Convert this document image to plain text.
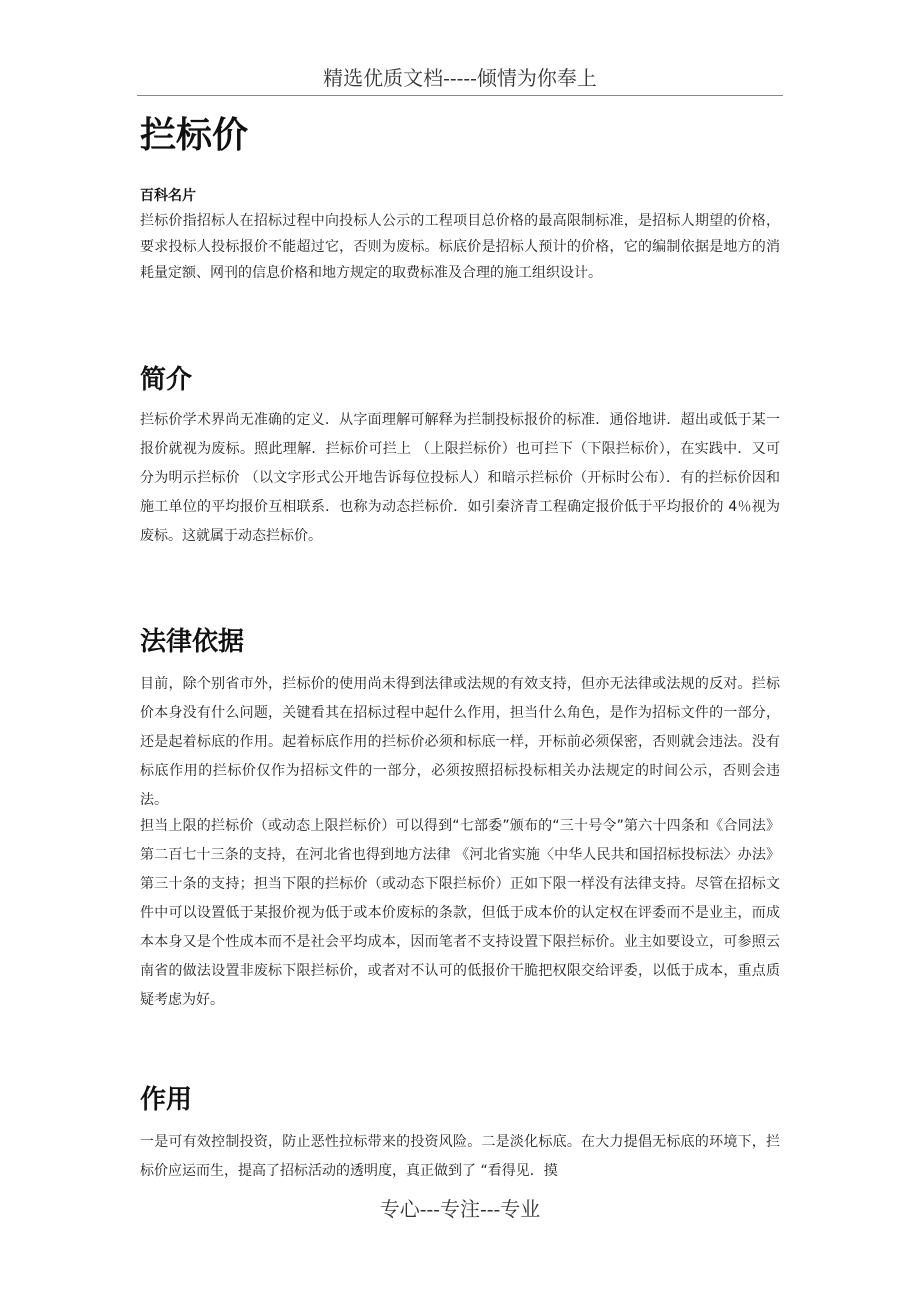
精选优质文档-----倾情为你奉上
拦标价
百科名片

拦标价指招标人在招标过程中向投标人公示的工程项目总价格的最高限制标准，是招标人期望的价格，要求投标人投标报价不能超过它，否则为废标。标底价是招标人预计的价格，它的编制依据是地方的消耗量定额、网刊的信息价格和地方规定的取费标准及合理的施工组织设计。

简介

拦标价学术界尚无准确的定义．从字面理解可解释为拦制投标报价的标准．通俗地讲．超出或低于某一报价就视为废标。照此理解．拦标价可拦上 （上限拦标价）也可拦下（下限拦标价），在实践中．又可分为明示拦标价 （以文字形式公开地告诉每位投标人）和暗示拦标价（开标时公布）．有的拦标价因和施工单位的平均报价互相联系．也称为动态拦标价．如引秦济青工程确定报价低于平均报价的 4％视为废标。这就属于动态拦标价。

法律依据

目前，除个别省市外，拦标价的使用尚未得到法律或法规的有效支持，但亦无法律或法规的反对。拦标价本身没有什么问题，关键看其在招标过程中起什么作用，担当什么角色，是作为招标文件的一部分，还是起着标底的作用。起着标底作用的拦标价必须和标底一样，开标前必须保密，否则就会违法。没有标底作用的拦标价仅作为招标文件的一部分，必须按照招标投标相关办法规定的时间公示，否则会违法。

担当上限的拦标价（或动态上限拦标价）可以得到“七部委”颁布的“三十号令”第六十四条和《合同法》第二百七十三条的支持，在河北省也得到地方法律 《河北省实施〈中华人民共和国招标投标法〉办法》第三十条的支持；担当下限的拦标价（或动态下限拦标价）正如下限一样没有法律支持。尽管在招标文件中可以设置低于某报价视为低于或本价废标的条款，但低于成本价的认定权在评委而不是业主，而成本本身又是个性成本而不是社会平均成本，因而笔者不支持设置下限拦标价。业主如要设立，可参照云南省的做法设置非废标下限拦标价，或者对不认可的低报价干脆把权限交给评委，以低于成本，重点质疑考虑为好。

作用

一是可有效控制投资，防止恶性拉标带来的投资风险。二是淡化标底。在大力提倡无标底的环境下，拦标价应运而生，提高了招标活动的透明度，真正做到了 “看得见．摸

专心---专注---专业
